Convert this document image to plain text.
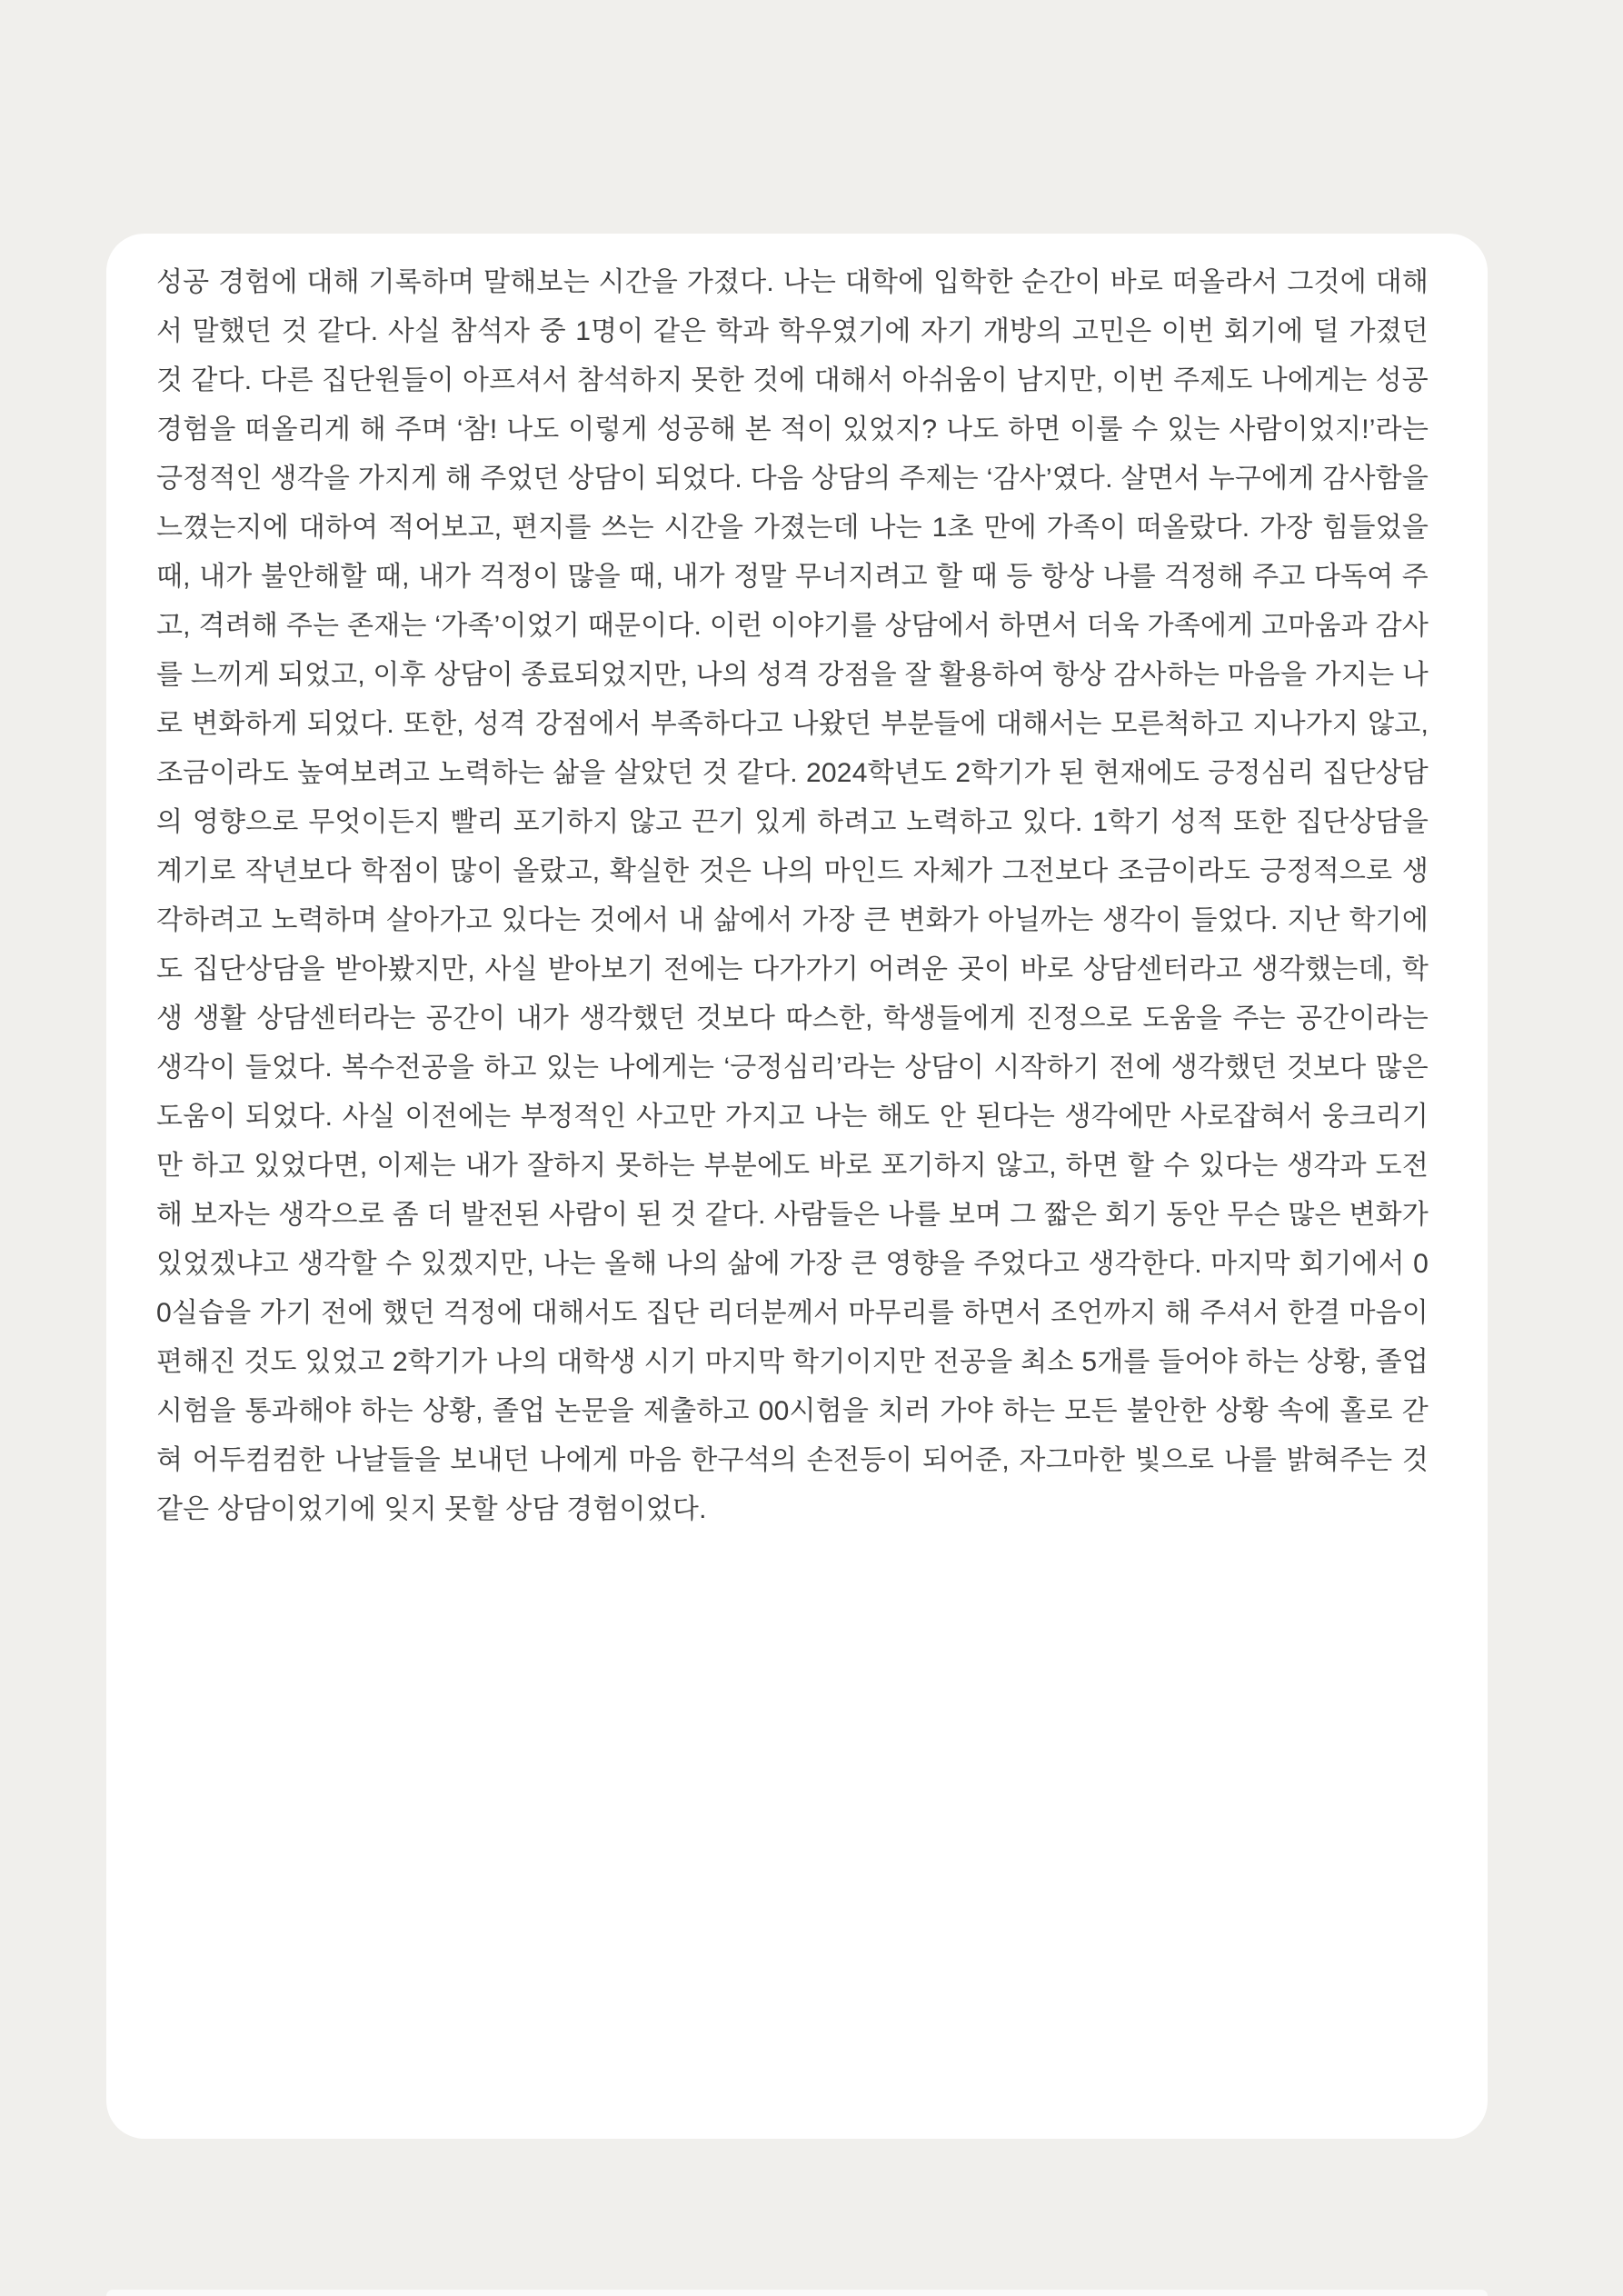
성공 경험에 대해 기록하며 말해보는 시간을 가졌다. 나는 대학에 입학한 순간이 바로 떠올라서 그것에 대해서 말했던 것 같다. 사실 참석자 중 1명이 같은 학과 학우였기에 자기 개방의 고민은 이번 회기에 덜 가졌던 것 같다. 다른 집단원들이 아프셔서 참석하지 못한 것에 대해서 아쉬움이 남지만, 이번 주제도 나에게는 성공 경험을 떠올리게 해 주며 ‘참! 나도 이렇게 성공해 본 적이 있었지? 나도 하면 이룰 수 있는 사람이었지!’라는 긍정적인 생각을 가지게 해 주었던 상담이 되었다. 다음 상담의 주제는 ‘감사’였다. 살면서 누구에게 감사함을 느꼈는지에 대하여 적어보고, 편지를 쓰는 시간을 가졌는데 나는 1초 만에 가족이 떠올랐다. 가장 힘들었을 때, 내가 불안해할 때, 내가 걱정이 많을 때, 내가 정말 무너지려고 할 때 등 항상 나를 걱정해 주고 다독여 주고, 격려해 주는 존재는 ‘가족’이었기 때문이다. 이런 이야기를 상담에서 하면서 더욱 가족에게 고마움과 감사를 느끼게 되었고, 이후 상담이 종료되었지만, 나의 성격 강점을 잘 활용하여 항상 감사하는 마음을 가지는 나로 변화하게 되었다. 또한, 성격 강점에서 부족하다고 나왔던 부분들에 대해서는 모른척하고 지나가지 않고, 조금이라도 높여보려고 노력하는 삶을 살았던 것 같다. 2024학년도 2학기가 된 현재에도 긍정심리 집단상담의 영향으로 무엇이든지 빨리 포기하지 않고 끈기 있게 하려고 노력하고 있다. 1학기 성적 또한 집단상담을 계기로 작년보다 학점이 많이 올랐고, 확실한 것은 나의 마인드 자체가 그전보다 조금이라도 긍정적으로 생각하려고 노력하며 살아가고 있다는 것에서 내 삶에서 가장 큰 변화가 아닐까는 생각이 들었다. 지난 학기에도 집단상담을 받아봤지만, 사실 받아보기 전에는 다가가기 어려운 곳이 바로 상담센터라고 생각했는데, 학생 생활 상담센터라는 공간이 내가 생각했던 것보다 따스한, 학생들에게 진정으로 도움을 주는 공간이라는 생각이 들었다. 복수전공을 하고 있는 나에게는 ‘긍정심리’라는 상담이 시작하기 전에 생각했던 것보다 많은 도움이 되었다. 사실 이전에는 부정적인 사고만 가지고 나는 해도 안 된다는 생각에만 사로잡혀서 웅크리기만 하고 있었다면, 이제는 내가 잘하지 못하는 부분에도 바로 포기하지 않고, 하면 할 수 있다는 생각과 도전해 보자는 생각으로 좀 더 발전된 사람이 된 것 같다. 사람들은 나를 보며 그 짧은 회기 동안 무슨 많은 변화가 있었겠냐고 생각할 수 있겠지만, 나는 올해 나의 삶에 가장 큰 영향을 주었다고 생각한다. 마지막 회기에서 00실습을 가기 전에 했던 걱정에 대해서도 집단 리더분께서 마무리를 하면서 조언까지 해 주셔서 한결 마음이 편해진 것도 있었고 2학기가 나의 대학생 시기 마지막 학기이지만 전공을 최소 5개를 들어야 하는 상황, 졸업시험을 통과해야 하는 상황, 졸업 논문을 제출하고 00시험을 치러 가야 하는 모든 불안한 상황 속에 홀로 갇혀 어두컴컴한 나날들을 보내던 나에게 마음 한구석의 손전등이 되어준, 자그마한 빛으로 나를 밝혀주는 것 같은 상담이었기에 잊지 못할 상담 경험이었다.
